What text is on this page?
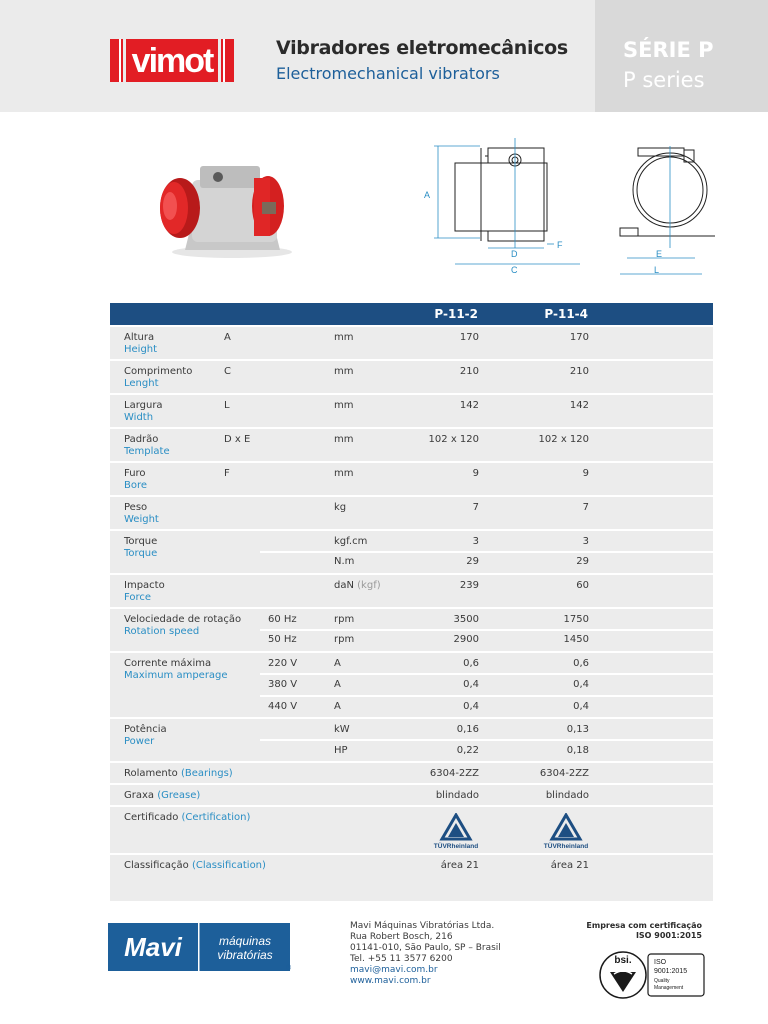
vimot	Vibradores eletromecânicos
Electromechanical vibrators
SÉRIE P
P series
A
D
F
C
E
L
P-11-2	P-11-4
Altura
Height
A	mm	170	170
Comprimento
Lenght
C	mm	210	210
Largura
Width
L	mm	142	142
Padrão
Template
D x E	mm	102 x 120	102 x 120
Furo
Bore
F	mm	9	9
Peso
Weight
kg	7	7
Torque
Torque
kgf.cm	3	3
N.m	29	29
Impacto
Force
daN (kgf)	239	60
Velociedade de rotação
Rotation speed
60 Hz	rpm	3500	1750
50 Hz	rpm	2900	1450
Corrente máxima
Maximum amperage
220 V	A	0,6	0,6
380 V	A	0,4	0,4
440 V	A	0,4	0,4
Potência
Power
kW	0,16	0,13
HP	0,22	0,18
Rolamento (Bearings)	6304-2ZZ	6304-2ZZ
Graxa (Grease)	blindado	blindado
Certificado (Certification)
TÜVRheinland	TÜVRheinland
Classificação (Classification)	área 21	área 21
Mavi	máquinas
vibratórias
®
Mavi Máquinas Vibratórias Ltda.
Rua Robert Bosch, 216
01141-010, São Paulo, SP – Brasil
Tel. +55 11 3577 6200
mavi@mavi.com.br
www.mavi.com.br
Empresa com certificação
ISO 9001:2015
bsi.	ISO
9001:2015
Quality
Management
